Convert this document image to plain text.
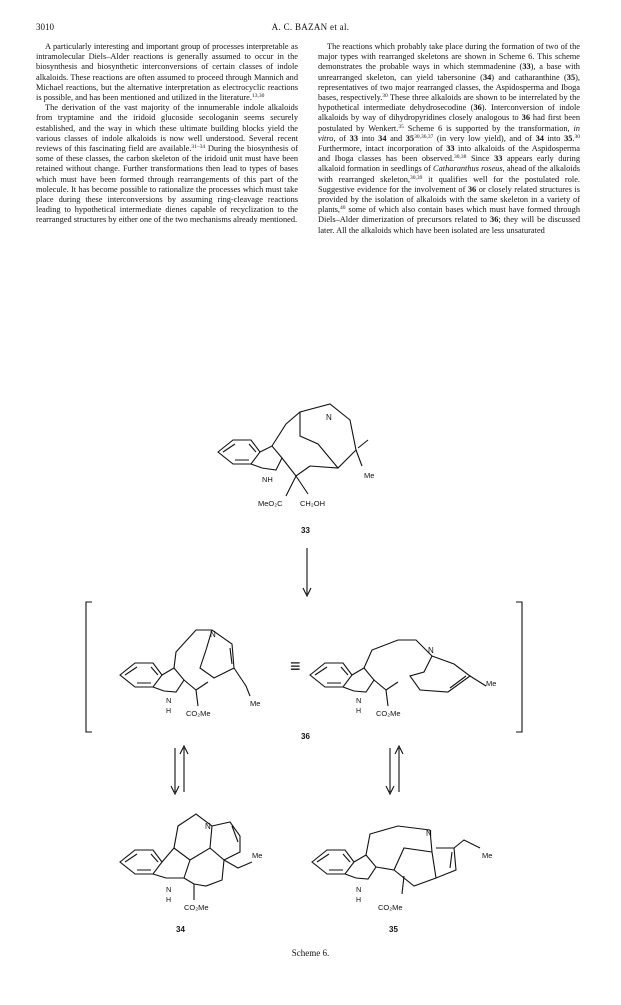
3010	A. C. BAZAN et al.

A particularly interesting and important group of processes interpretable as intramolecular Diels–Alder reactions is generally assumed to occur in the biosynthesis and biosynthetic interconversions of certain classes of indole alkaloids. These reactions are often assumed to proceed through Mannich and Michael reactions, but the alternative interpretation as electrocyclic reactions is possible, and has been mentioned and utilized in the literature.$^{13,30}$

The derivation of the vast majority of the innumerable indole alkaloids from tryptamine and the iridoid glucoside secologanin seems securely established, and the way in which these ultimate building blocks yield the various classes of indole alkaloids is now well understood. Several recent reviews of this fascinating field are available.$^{31-34}$ During the biosynthesis of some of these classes, the carbon skeleton of the iridoid unit must have been retained without change. Further transformations then lead to types of bases which must have been formed through rearrangements of this part of the molecule. It has become possible to rationalize the processes which must take place during these interconversions by assuming ring-cleavage reactions leading to hypothetical intermediate dienes capable of recyclization to the rearranged structures by either one of the two mechanisms already mentioned.

The reactions which probably take place during the formation of two of the major types with rearranged skeletons are shown in Scheme 6. This scheme demonstrates the probable ways in which stemmadenine (33), a base with unrearranged skeleton, can yield tabersonine (34) and catharanthine (35), representatives of two major rearranged classes, the Aspidosperma and Iboga bases, respectively.$^{30}$ These three alkaloids are shown to be interrelated by the hypothetical intermediate dehydrosecodine (36). Interconversion of indole alkaloids by way of dihydropyridines closely analogous to 36 had first been postulated by Wenkert.$^{35}$ Scheme 6 is supported by the transformation, in vitro, of 33 into 34 and 35$^{30,36,37}$ (in very low yield), and of 34 into 35.30 Furthermore, intact incorporation of 33 into alkaloids of the Aspidosperma and Iboga classes has been observed.$^{30,38}$ Since 33 appears early during alkaloid formation in seedlings of Catharanthus roseus, ahead of the alkaloids with rearranged skeleton,$^{30,39}$ it qualifies well for the postulated role. Suggestive evidence for the involvement of 36 or closely related structures is provided by the isolation of alkaloids with the same skeleton in a variety of plants,$^{40}$ some of which also contain bases which must have formed through Diels–Alder dimerization of precursors related to 36; they will be discussed later. All the alkaloids which have been isolated are less unsaturated

N
NH	Me
MeO₂C CH₂OH
33
N
Me
N
H CO₂Me
≡
N
Me
N
H CO₂Me
36
N
Me
N
H
CO₂Me
34
N
Me
N
H
CO₂Me
35
Scheme 6.
